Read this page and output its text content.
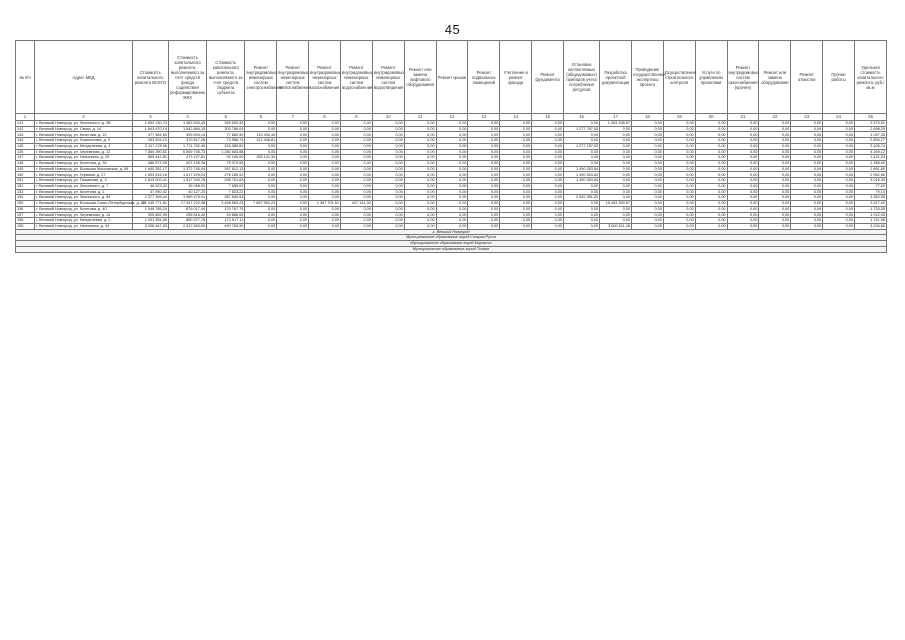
45
№ п/п	Адрес МКД	Стоимость капитального ремонта ВСЕГО	Стоимость капитального ремонта, выполняемого за счет средств фонда содействия реформированию ЖКХ	Стоимость капитального ремонта, выполняемого за счет средств бюджета субъекта	Ремонт внутридомовых инженерных систем электроснабжения	Ремонт внутридомовых инженерных систем теплоснабжения	Ремонт внутридомовых инженерных систем газоснабжения	Ремонт внутридомовых инженерных систем водоснабжения	Ремонт внутридомовых инженерных систем водоотведения	Ремонт или замена лифтового оборудования	Ремонт крыши	Ремонт подвальных помещений	Утепление и ремонт фасада	Ремонт фундамента	Установка коллективных (общедомовых) приборов учета потребления ресурсов	Разработка проектной документации	Проведение государственной экспертизы проекта	Осуществление строительного контроля	Услуги по управлению проектами	Ремонт внутридомовых систем газоснабжения (прочее)	Ремонт или замена оборудования	Ремонт отмостки	Прочие работы	Удельная стоимость капитального ремонта, руб./кв.м
1	2	3	4	5	6	7	8	9	10	11	12	13	14	15	16	17	18	19	20	21	22	23	24	25
141	г. Великий Новгород, ул. Зелинского, д. 38	1 652 130,73	1 382 630,40	269 500,33	0,00	0,00	0,00	0,00	0,00	0,00	0,00	0,00	0,00	0,00	0,00	1 063 338,57	0,00	0,00	0,00	0,00	0,00	0,00	0,00	2 574,51
142	г. Великий Новгород, ул. Связи, д. 14	1 843 670,19	1 542 884,15	300 786,04	0,00	0,00	0,00	0,00	0,00	0,00	0,00	0,00	0,00	0,00	1 277 787,53	0,00	0,00	0,00	0,00	0,00	0,00	0,00	0,00	2 698,20
143	г. Великий Новгород, ул. Кочетова, д. 22	477 384,50	399 504,10	77 880,40	115 434,40	0,00	0,00	0,00	0,00	0,00	0,00	0,00	0,00	0,00	0,00	0,00	0,00	0,00	0,00	0,00	0,00	0,00	0,00	1 047,35
144	г. Великий Новгород, ул. Ломоносова, д. 9	453 504,10	379 517,36	73 986,74	122 448,81	0,00	0,00	0,00	0,00	0,00	0,00	0,00	0,00	0,00	0,00	0,00	0,00	0,00	0,00	0,00	0,00	0,00	0,00	2 894,27
145	г. Великий Новгород, ул. Менделеева, д. 4	2 117 178,06	1 771 792,46	345 385,60	0,00	0,00	0,00	0,00	0,00	0,00	0,00	0,00	0,00	0,00	1 277 787,53	0,00	0,00	0,00	0,00	0,00	0,00	0,00	0,00	3 105,74
146	г. Великий Новгород, ул. Черемнова, д. 12	7 850 390,61	6 569 706,73	1 280 683,88	0,00	0,00	0,00	0,00	0,00	0,00	0,00	0,00	0,00	0,00	0,00	0,00	0,00	0,00	0,00	0,00	0,00	0,00	0,00	4 269,12
147	г. Великий Новгород, ул. Нехинская, д. 25	565 442,81	473 197,81	92 245,00	155 141,34	0,00	0,00	0,00	0,00	0,00	0,00	0,00	0,00	0,00	0,00	0,00	0,00	0,00	0,00	0,00	0,00	0,00	0,00	1 421,03
148	г. Великий Новгород, ул. Кочетова, д. 35	486 574,95	407 195,36	79 379,59	0,00	0,00	0,00	0,00	0,00	0,00	0,00	0,00	0,00	0,00	0,00	0,00	0,00	0,00	0,00	0,00	0,00	0,00	0,00	1 358,00
149	г. Великий Новгород, ул. Большая Московская, д. 59	1 640 352,17	1 372 740,04	267 612,13	0,00	0,00	0,00	0,00	0,00	0,00	0,00	0,00	0,00	0,00	1 490 353,84	0,00	0,00	0,00	0,00	0,00	0,00	0,00	0,00	2 861,80
150	г. Великий Новгород, ул. Германа, д. 27	1 693 515,16	1 417 229,24	276 285,92	0,00	0,00	0,00	0,00	0,00	0,00	0,00	0,00	0,00	0,00	1 490 353,84	0,00	0,00	0,00	0,00	0,00	0,00	0,00	0,00	2 952,66
151	г. Великий Новгород, ул. Псковская, д. 3	1 813 002,41	1 517 240,78	295 761,63	0,00	0,00	0,00	0,00	0,00	0,00	0,00	0,00	0,00	0,00	1 490 353,84	0,00	0,00	0,00	0,00	0,00	0,00	0,00	0,00	3 016,39
152	г. Великий Новгород, ул. Зелинского, д. 7	46 923,02	39 268,00	7 655,02	0,00	0,00	0,00	0,00	0,00	0,00	0,00	0,00	0,00	0,00	0,00	0,00	0,00	0,00	0,00	0,00	0,00	0,00	0,00	77,20
153	г. Великий Новгород, ул. Кочетова, д. 1	47 950,42	40 127,20	7 823,22	0,00	0,00	0,00	0,00	0,00	0,00	0,00	0,00	0,00	0,00	0,00	0,00	0,00	0,00	0,00	0,00	0,00	0,00	0,00	79,14
154	г. Великий Новгород, ул. Зелинского, д. 54	2 377 306,44	1 989 475,91	387 830,53	0,00	0,00	0,00	0,00	0,00	0,00	0,00	0,00	0,00	0,00	2 002 381,20	0,00	0,00	0,00	0,00	0,00	0,00	0,00	0,00	3 362,55
155	г. Великий Новгород, ул. Большая Санкт-Петербургская, д. 80	21 445 771,81	17 947 202,58	3 498 569,23	7 657 952,23	0,00	1 367 701,51	427 141,32	0,00	0,00	0,00	0,00	0,00	0,00	0,00	19 453 390,97	0,00	0,00	0,00	0,00	0,00	0,00	0,00	2 917,00
156	г. Великий Новгород, ул. Кочетова, д. 40	1 046 785,24	876 017,49	170 767,75	0,00	0,00	0,00	0,00	0,00	0,00	0,00	0,00	0,00	0,00	0,00	0,00	0,00	0,00	0,00	0,00	0,00	0,00	0,00	1 733,35
157	г. Великий Новгород, ул. Черемнова, д. 14	305 682,95	255 816,42	49 866,53	0,00	0,00	0,00	0,00	0,00	0,00	0,00	0,00	0,00	0,00	0,00	0,00	0,00	0,00	0,00	0,00	0,00	0,00	0,00	1 012,05
158	г. Великий Новгород, ул. Менделеева, д. 2	1 051 994,89	880 377,78	171 617,11	0,00	0,00	0,00	0,00	0,00	0,00	0,00	0,00	0,00	0,00	0,00	0,00	0,00	0,00	0,00	0,00	0,00	0,00	0,00	1 741,96
159	г. Великий Новгород, ул. Нехинская, д. 44	3 008 447,53	2 517 663,63	490 783,90	0,00	0,00	0,00	0,00	0,00	0,00	0,00	0,00	0,00	0,00	0,00	3 000 511,28	0,00	0,00	0,00	0,00	0,00	0,00	0,00	3 104,66
г. Великий Новгород																								
Муниципальное образование город Старая Русса																								
Муниципальное образование город Боровичи																								
Муниципальное образование город Тихвин																								
